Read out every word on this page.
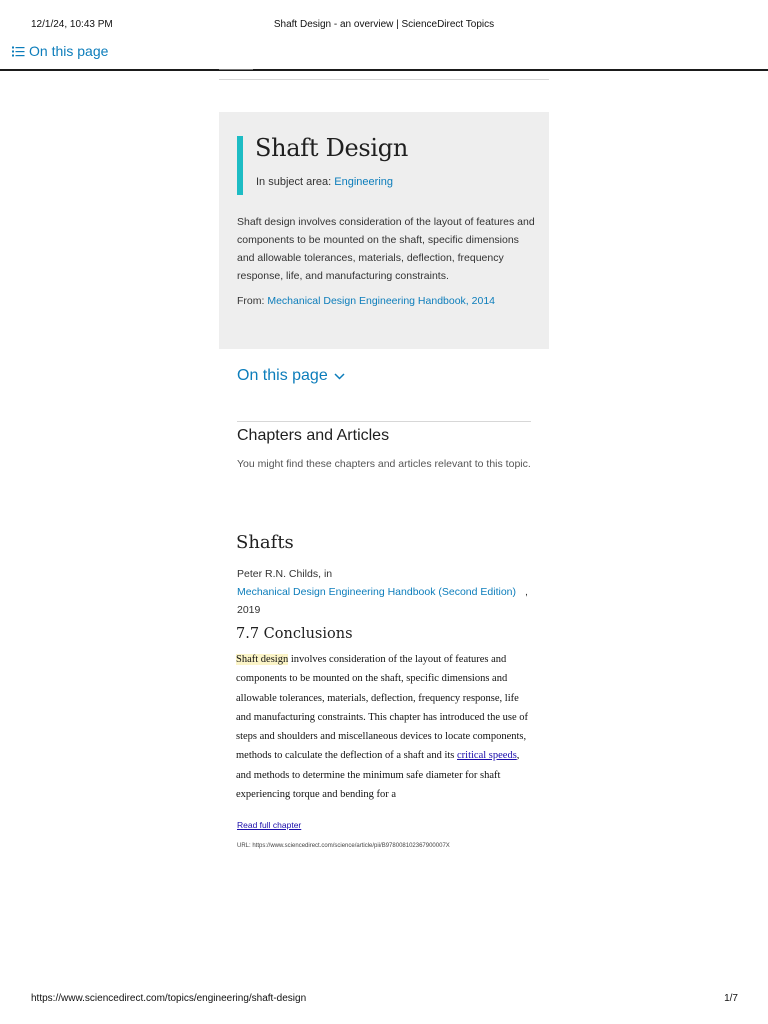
12/1/24, 10:43 PM	Shaft Design - an overview | ScienceDirect Topics
On this page
Shaft Design
In subject area: Engineering

Shaft design involves consideration of the layout of features and components to be mounted on the shaft, specific dimensions and allowable tolerances, materials, deflection, frequency response, life, and manufacturing constraints.

From: Mechanical Design Engineering Handbook, 2014
On this page
Chapters and Articles

You might find these chapters and articles relevant to this topic.

Shafts
Peter R.N. Childs, in
Mechanical Design Engineering Handbook (Second Edition) ,
2019
7.7 Conclusions

Shaft design involves consideration of the layout of features and components to be mounted on the shaft, specific dimensions and allowable tolerances, materials, deflection, frequency response, life and manufacturing constraints. This chapter has introduced the use of steps and shoulders and miscellaneous devices to locate components, methods to calculate the deflection of a shaft and its critical speeds, and methods to determine the minimum safe diameter for shaft experiencing torque and bending for a

Read full chapter
URL: https://www.sciencedirect.com/science/article/pii/B978008102367900007X
https://www.sciencedirect.com/topics/engineering/shaft-design	1/7
